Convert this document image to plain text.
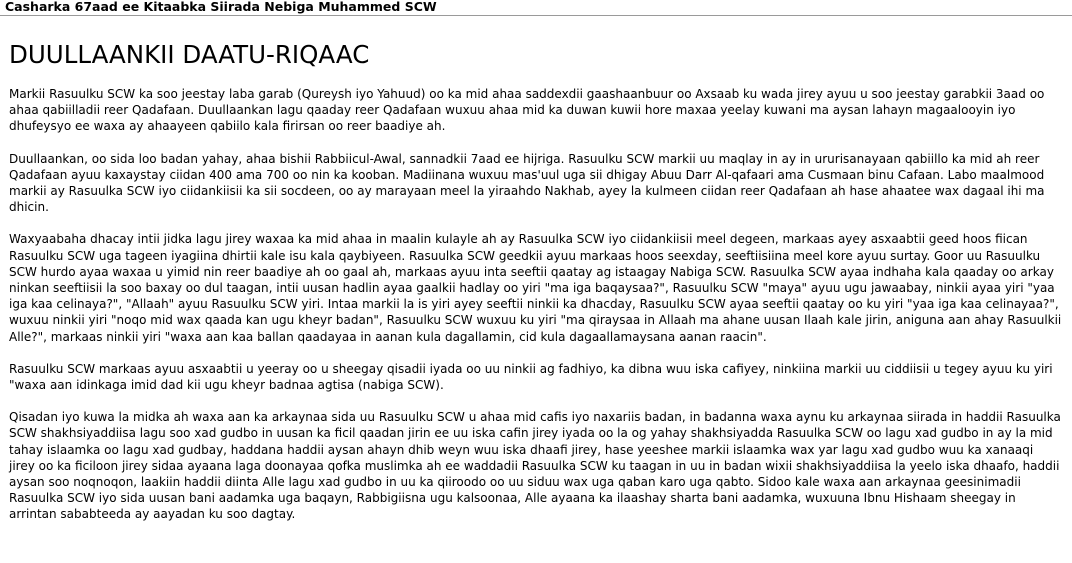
Casharka 67aad ee Kitaabka Siirada Nebiga Muhammed SCW
DUULLAANKII DAATU-RIQAAC

Markii Rasuulku SCW ka soo jeestay laba garab (Qureysh iyo Yahuud) oo ka mid ahaa saddexdii gaashaanbuur oo Axsaab ku wada jirey ayuu u soo jeestay garabkii 3aad oo ahaa qabiilladii reer Qadafaan. Duullaankan lagu qaaday reer Qadafaan wuxuu ahaa mid ka duwan kuwii hore maxaa yeelay kuwani ma aysan lahayn magaalooyin iyo dhufeysyo ee waxa ay ahaayeen qabiilo kala firirsan oo reer baadiye ah.

Duullaankan, oo sida loo badan yahay, ahaa bishii Rabbiicul-Awal, sannadkii 7aad ee hijriga. Rasuulku SCW markii uu maqlay in ay in ururisanayaan qabiillo ka mid ah reer Qadafaan ayuu kaxaystay ciidan 400 ama 700 oo nin ka kooban. Madiinana wuxuu mas'uul uga sii dhigay Abuu Darr Al-qafaari ama Cusmaan binu Cafaan. Labo maalmood markii ay Rasuulka SCW iyo ciidankiisii ka sii socdeen, oo ay marayaan meel la yiraahdo Nakhab, ayey la kulmeen ciidan reer Qadafaan ah hase ahaatee wax dagaal ihi ma dhicin.

Waxyaabaha dhacay intii jidka lagu jirey waxaa ka mid ahaa in maalin kulayle ah ay Rasuulka SCW iyo ciidankiisii meel degeen, markaas ayey asxaabtii geed hoos fiican Rasuulku SCW uga tageen iyagiina dhirtii kale isu kala qaybiyeen. Rasuulka SCW geedkii ayuu markaas hoos seexday, seeftiisiina meel kore ayuu surtay. Goor uu Rasuulku SCW hurdo ayaa waxaa u yimid nin reer baadiye ah oo gaal ah, markaas ayuu inta seeftii qaatay ag istaagay Nabiga SCW. Rasuulka SCW ayaa indhaha kala qaaday oo arkay ninkan seeftiisii la soo baxay oo dul taagan, intii uusan hadlin ayaa gaalkii hadlay oo yiri "ma iga baqaysaa?", Rasuulku SCW "maya" ayuu ugu jawaabay, ninkii ayaa yiri "yaa iga kaa celinaya?", "Allaah" ayuu Rasuulku SCW yiri. Intaa markii la is yiri ayey seeftii ninkii ka dhacday, Rasuulku SCW ayaa seeftii qaatay oo ku yiri "yaa iga kaa celinayaa?", wuxuu ninkii yiri "noqo mid wax qaada kan ugu kheyr badan", Rasuulku SCW wuxuu ku yiri "ma qiraysaa in Allaah ma ahane uusan Ilaah kale jirin, aniguna aan ahay Rasuulkii Alle?", markaas ninkii yiri "waxa aan kaa ballan qaadayaa in aanan kula dagallamin, cid kula dagaallamaysana aanan raacin".

Rasuulku SCW markaas ayuu asxaabtii u yeeray oo u sheegay qisadii iyada oo uu ninkii ag fadhiyo, ka dibna wuu iska cafiyey, ninkiina markii uu ciddiisii u tegey ayuu ku yiri "waxa aan idinkaga imid dad kii ugu kheyr badnaa agtisa (nabiga SCW).

Qisadan iyo kuwa la midka ah waxa aan ka arkaynaa sida uu Rasuulku SCW u ahaa mid cafis iyo naxariis badan, in badanna waxa aynu ku arkaynaa siirada in haddii Rasuulka SCW shakhsiyaddiisa lagu soo xad gudbo in uusan ka ficil qaadan jirin ee uu iska cafin jirey iyada oo la og yahay shakhsiyadda Rasuulka SCW oo lagu xad gudbo in ay la mid tahay islaamka oo lagu xad gudbay, haddana haddii aysan ahayn dhib weyn wuu iska dhaafi jirey, hase yeeshee markii islaamka wax yar lagu xad gudbo wuu ka xanaaqi jirey oo ka ficiloon jirey sidaa ayaana laga doonayaa qofka muslimka ah ee waddadii Rasuulka SCW ku taagan in uu in badan wixii shakhsiyaddiisa la yeelo iska dhaafo, haddii aysan soo noqnoqon, laakiin haddii diinta Alle lagu xad gudbo in uu ka qiiroodo oo uu siduu wax uga qaban karo uga qabto. Sidoo kale waxa aan arkaynaa geesinimadii Rasuulka SCW iyo sida uusan bani aadamka uga baqayn, Rabbigiisna ugu kalsoonaa, Alle ayaana ka ilaashay sharta bani aadamka, wuxuuna Ibnu Hishaam sheegay in arrintan sababteeda ay aayadan ku soo dagtay.
